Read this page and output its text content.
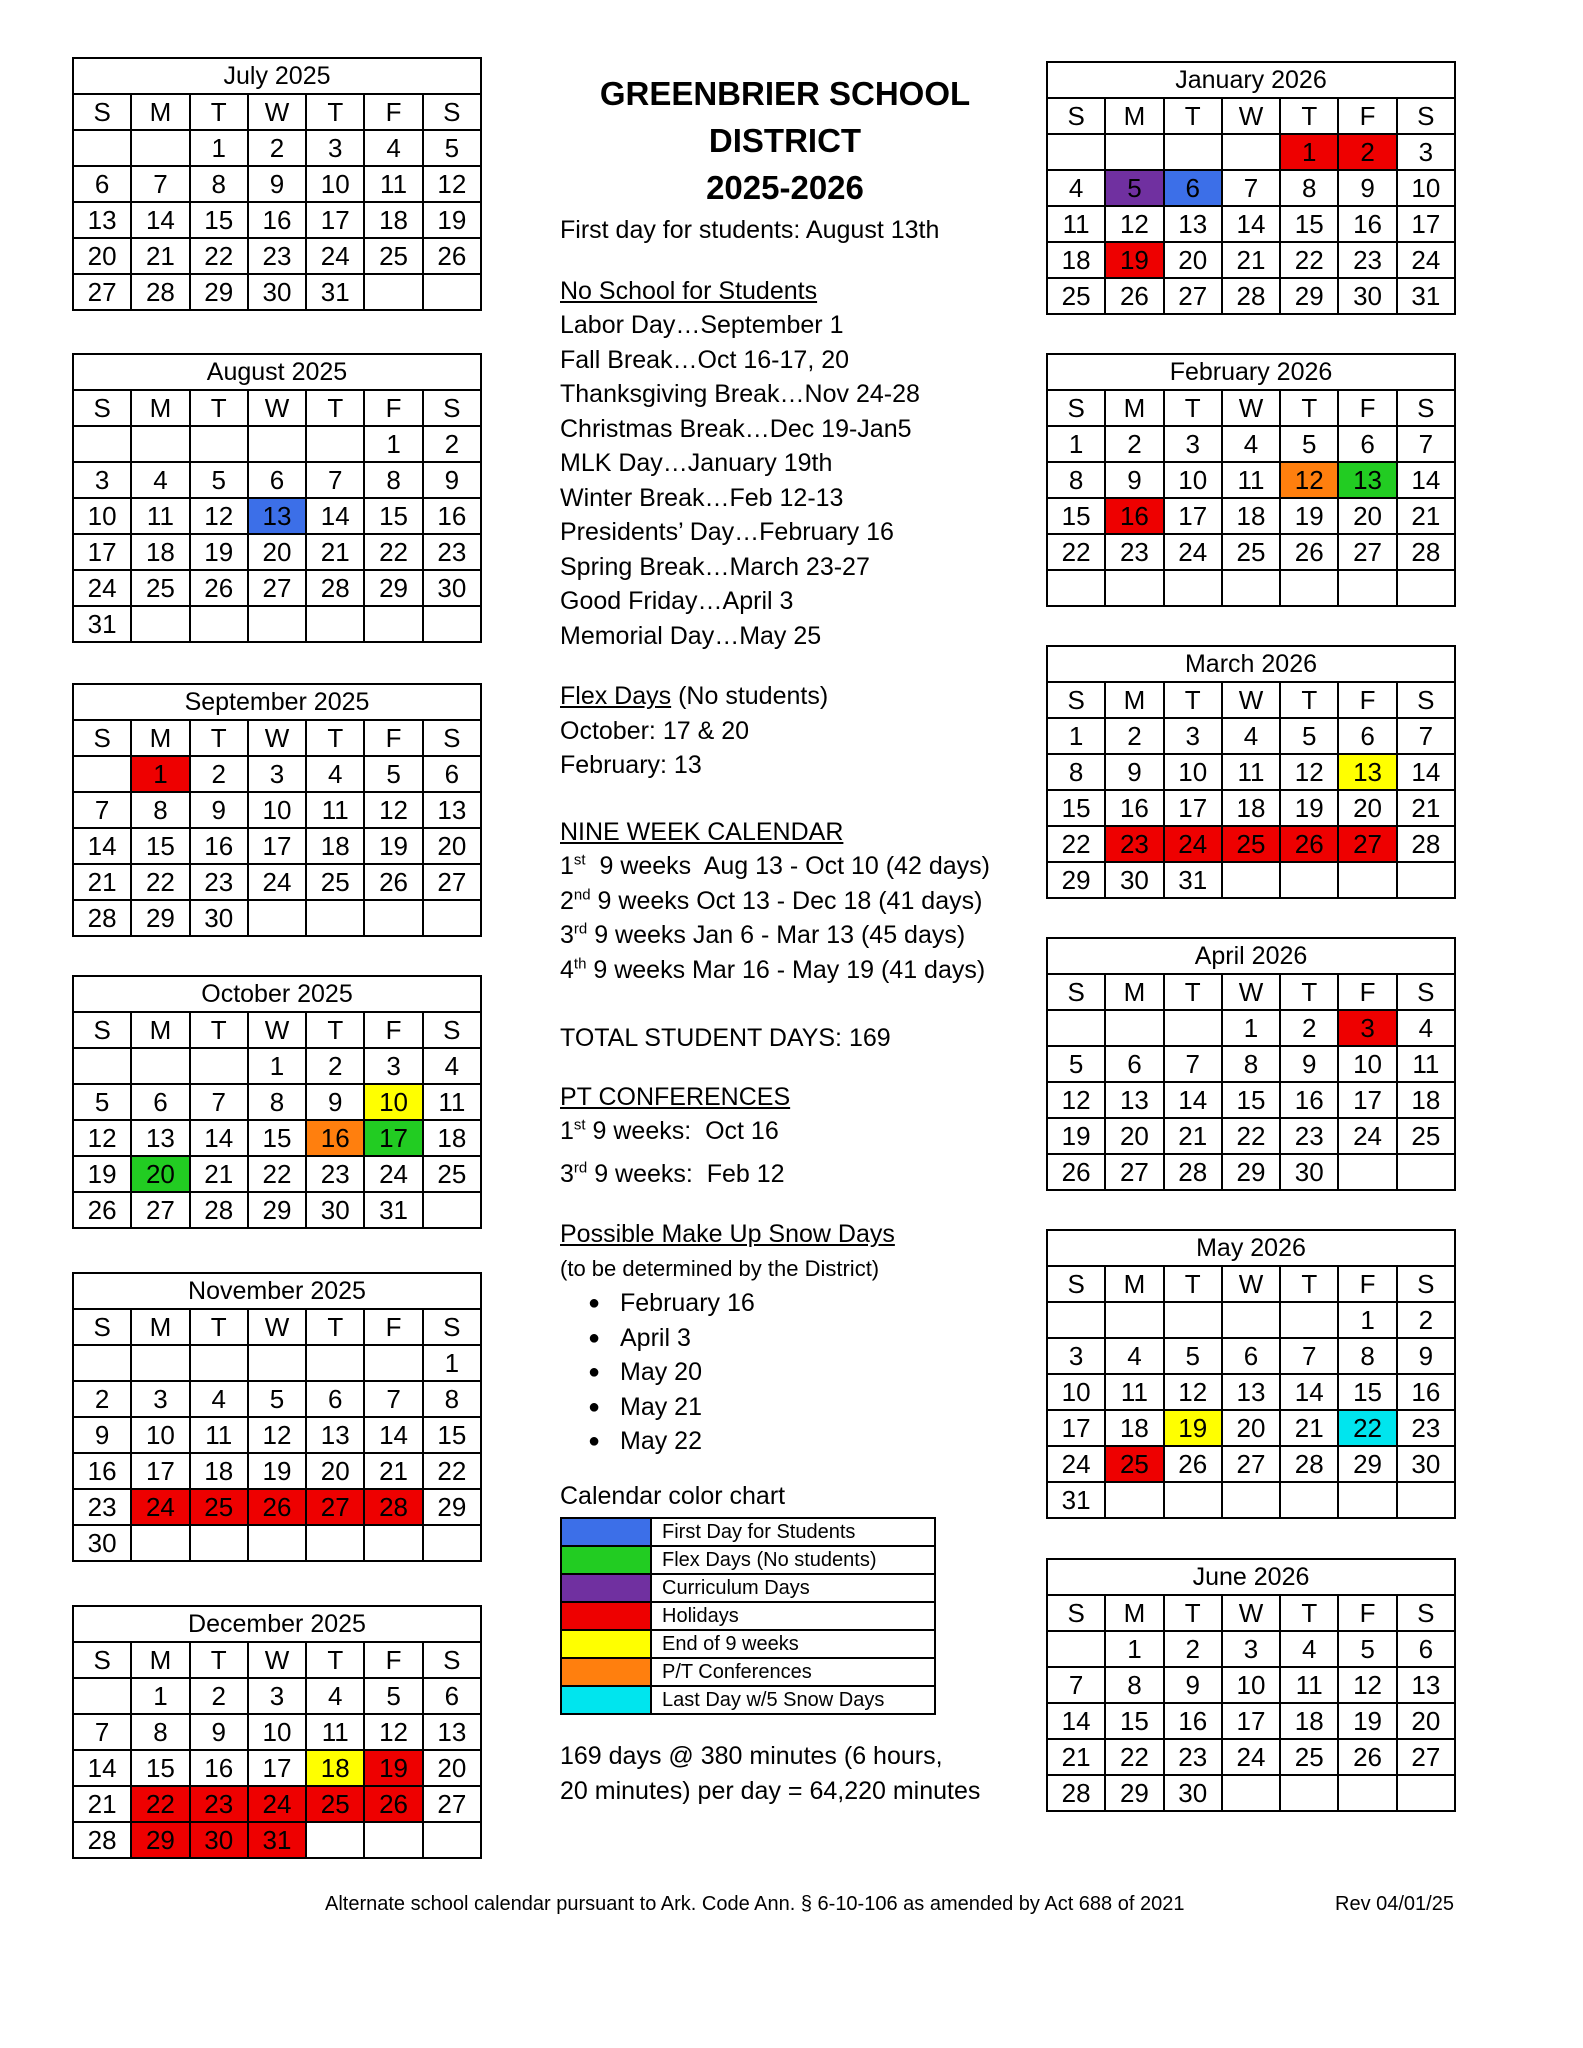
July 2025						
S	M	T	W	T	F	S
		1	2	3	4	5
6	7	8	9	10	11	12
13	14	15	16	17	18	19
20	21	22	23	24	25	26
27	28	29	30	31		
August 2025						
S	M	T	W	T	F	S
					1	2
3	4	5	6	7	8	9
10	11	12	13	14	15	16
17	18	19	20	21	22	23
24	25	26	27	28	29	30
31						
September 2025						
S	M	T	W	T	F	S
	1	2	3	4	5	6
7	8	9	10	11	12	13
14	15	16	17	18	19	20
21	22	23	24	25	26	27
28	29	30				
October 2025						
S	M	T	W	T	F	S
			1	2	3	4
5	6	7	8	9	10	11
12	13	14	15	16	17	18
19	20	21	22	23	24	25
26	27	28	29	30	31	
November 2025						
S	M	T	W	T	F	S
						1
2	3	4	5	6	7	8
9	10	11	12	13	14	15
16	17	18	19	20	21	22
23	24	25	26	27	28	29
30						
December 2025						
S	M	T	W	T	F	S
	1	2	3	4	5	6
7	8	9	10	11	12	13
14	15	16	17	18	19	20
21	22	23	24	25	26	27
28	29	30	31			
January 2026						
S	M	T	W	T	F	S
				1	2	3
4	5	6	7	8	9	10
11	12	13	14	15	16	17
18	19	20	21	22	23	24
25	26	27	28	29	30	31
February 2026						
S	M	T	W	T	F	S
1	2	3	4	5	6	7
8	9	10	11	12	13	14
15	16	17	18	19	20	21
22	23	24	25	26	27	28

March 2026						
S	M	T	W	T	F	S
1	2	3	4	5	6	7
8	9	10	11	12	13	14
15	16	17	18	19	20	21
22	23	24	25	26	27	28
29	30	31				
April 2026						
S	M	T	W	T	F	S
			1	2	3	4
5	6	7	8	9	10	11
12	13	14	15	16	17	18
19	20	21	22	23	24	25
26	27	28	29	30		
May 2026						
S	M	T	W	T	F	S
					1	2
3	4	5	6	7	8	9
10	11	12	13	14	15	16
17	18	19	20	21	22	23
24	25	26	27	28	29	30
31						
June 2026						
S	M	T	W	T	F	S
	1	2	3	4	5	6
7	8	9	10	11	12	13
14	15	16	17	18	19	20
21	22	23	24	25	26	27
28	29	30				
GREENBRIER SCHOOL
DISTRICT
2025-2026

First day for students: August 13th

No School for Students

Labor Day…September 1

Fall Break…Oct 16-17, 20

Thanksgiving Break…Nov 24-28

Christmas Break…Dec 19-Jan5

MLK Day…January 19th

Winter Break…Feb 12-13

Presidents’ Day…February 16

Spring Break…March 23-27

Good Friday…April 3

Memorial Day…May 25

Flex Days (No students)

October: 17 & 20

February: 13

NINE WEEK CALENDAR

1st  9 weeks  Aug 13 - Oct 10 (42 days)

2nd 9 weeks Oct 13 - Dec 18 (41 days)

3rd 9 weeks Jan 6 - Mar 13 (45 days)

4th 9 weeks Mar 16 - May 19 (41 days)

TOTAL STUDENT DAYS: 169

PT CONFERENCES

1st 9 weeks:  Oct 16

3rd 9 weeks:  Feb 12

Possible Make Up Snow Days

(to be determined by the District)

● February 16
● April 3
● May 20
● May 21
● May 22

Calendar color chart

	First Day for Students
	Flex Days (No students)
	Curriculum Days
	Holidays
	End of 9 weeks
	P/T Conferences
	Last Day w/5 Snow Days

169 days @ 380 minutes (6 hours,

20 minutes) per day = 64,220 minutes

Alternate school calendar pursuant to Ark. Code Ann. § 6-10-106 as amended by Act 688 of 2021	Rev 04/01/25
